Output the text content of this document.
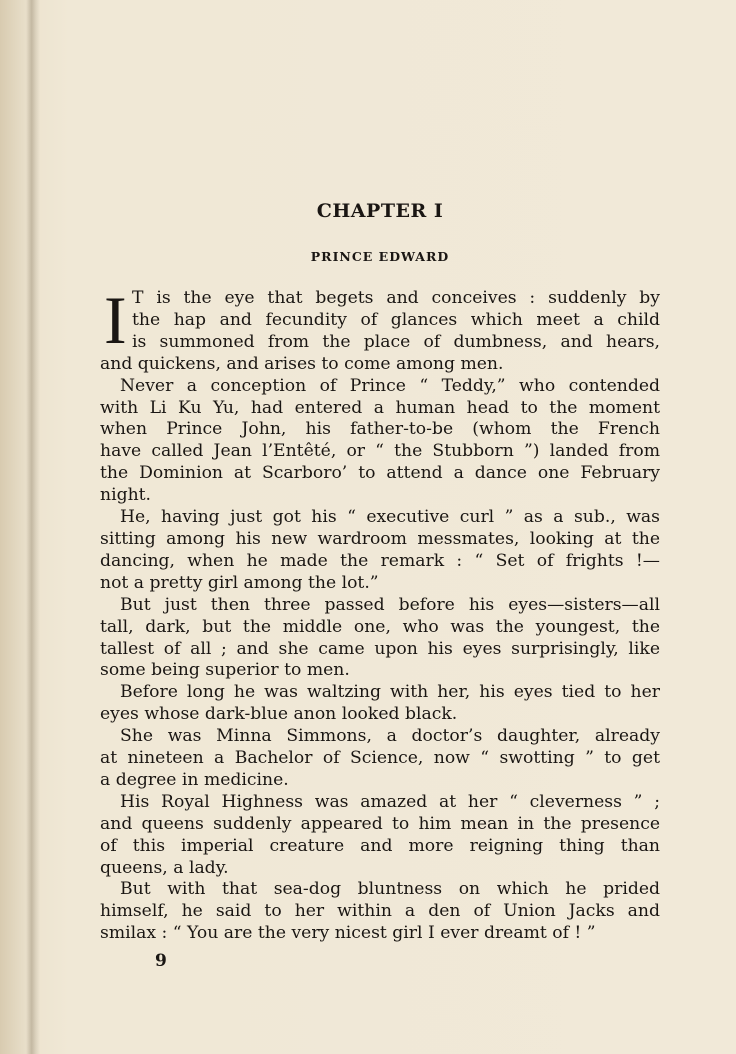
CHAPTER I
PRINCE EDWARD
I T is the eye that begets and conceives : suddenly by
the hap and fecundity of glances which meet a child
is summoned from the place of dumbness, and hears,
and quickens, and arises to come among men.
Never a conception of Prince “ Teddy,” who contended
with Li Ku Yu, had entered a human head to the moment
when Prince John, his father-to-be (whom the French
have called Jean l’Entêté, or “ the Stubborn ”) landed from
the Dominion at Scarboro’ to attend a dance one February
night.
He, having just got his “ executive curl ” as a sub., was
sitting among his new wardroom messmates, looking at the
dancing, when he made the remark : “ Set of frights !—
not a pretty girl among the lot.”
But just then three passed before his eyes—sisters—all
tall, dark, but the middle one, who was the youngest, the
tallest of all ; and she came upon his eyes surprisingly, like
some being superior to men.
Before long he was waltzing with her, his eyes tied to her
eyes whose dark-blue anon looked black.
She was Minna Simmons, a doctor’s daughter, already
at nineteen a Bachelor of Science, now “ swotting ” to get
a degree in medicine.
His Royal Highness was amazed at her “ cleverness ” ;
and queens suddenly appeared to him mean in the presence
of this imperial creature and more reigning thing than
queens, a lady.
But with that sea-dog bluntness on which he prided
himself, he said to her within a den of Union Jacks and
smilax : “ You are the very nicest girl I ever dreamt of ! ”
9
